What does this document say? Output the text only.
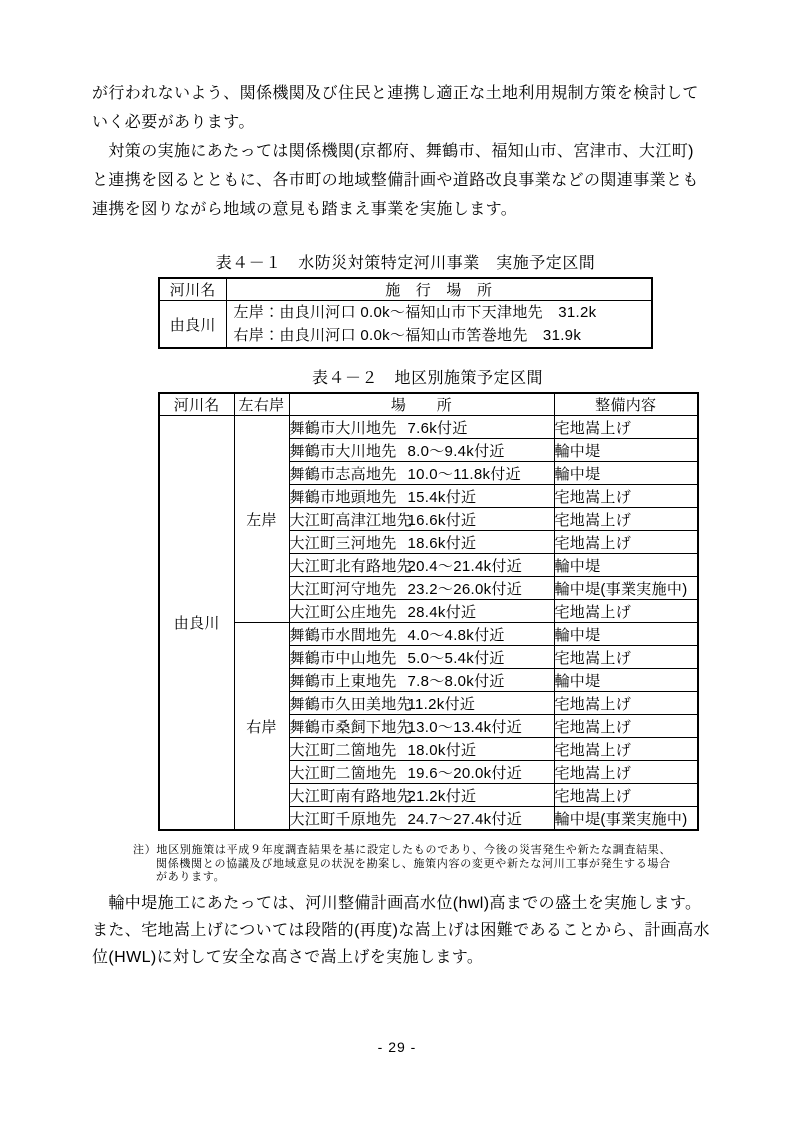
が行われないよう、関係機関及び住民と連携し適正な土地利用規制方策を検討して
いく必要があります。
　対策の実施にあたっては関係機関(京都府、舞鶴市、福知山市、宮津市、大江町)
と連携を図るとともに、各市町の地域整備計画や道路改良事業などの関連事業とも
連携を図りながら地域の意見も踏まえ事業を実施します。
表４－１　水防災対策特定河川事業　実施予定区間
河川名	施　行　場　所
由良川	左岸：由良川河口 0.0k～福知山市下天津地先　31.2k
右岸：由良川河口 0.0k～福知山市筈巻地先　31.9k
表４－２　地区別施策予定区間
河川名	左右岸	場　　所	整備内容
由良川	左岸	舞鶴市大川地先 7.6k付近	宅地嵩上げ
		舞鶴市大川地先 8.0～9.4k付近	輪中堤
		舞鶴市志高地先 10.0～11.8k付近	輪中堤
		舞鶴市地頭地先 15.4k付近	宅地嵩上げ
		大江町高津江地先16.6k付近	宅地嵩上げ
		大江町三河地先 18.6k付近	宅地嵩上げ
		大江町北有路地先20.4～21.4k付近	輪中堤
		大江町河守地先 23.2～26.0k付近	輪中堤(事業実施中)
		大江町公庄地先 28.4k付近	宅地嵩上げ
	右岸	舞鶴市水間地先 4.0～4.8k付近	輪中堤
		舞鶴市中山地先 5.0～5.4k付近	宅地嵩上げ
		舞鶴市上東地先 7.8～8.0k付近	輪中堤
		舞鶴市久田美地先11.2k付近	宅地嵩上げ
		舞鶴市桑飼下地先13.0～13.4k付近	宅地嵩上げ
		大江町二箇地先 18.0k付近	宅地嵩上げ
		大江町二箇地先 19.6～20.0k付近	宅地嵩上げ
		大江町南有路地先21.2k付近	宅地嵩上げ
		大江町千原地先 24.7～27.4k付近	輪中堤(事業実施中)
注）地区別施策は平成９年度調査結果を基に設定したものであり、今後の災害発生や新たな調査結果、
関係機関との協議及び地域意見の状況を勘案し、施策内容の変更や新たな河川工事が発生する場合
があります。
　輪中堤施工にあたっては、河川整備計画高水位(hwl)高までの盛土を実施します。
また、宅地嵩上げについては段階的(再度)な嵩上げは困難であることから、計画高水
位(HWL)に対して安全な高さで嵩上げを実施します。
- 29 -
